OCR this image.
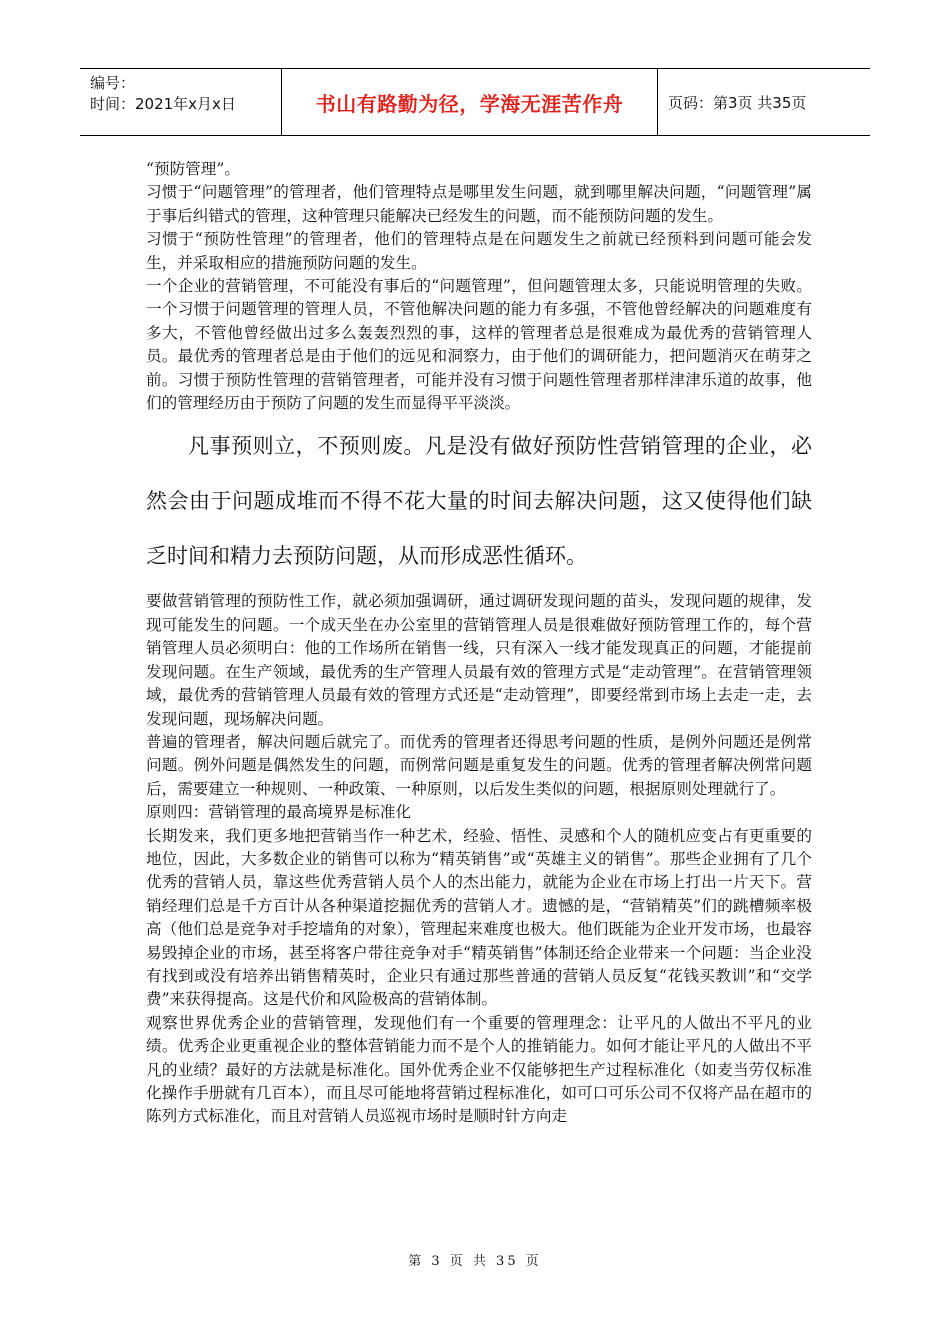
编号：
时间：2021年x月x日	书山有路勤为径，学海无涯苦作舟	页码：第3页 共35页

“预防管理”。

习惯于“问题管理”的管理者，他们管理特点是哪里发生问题，就到哪里解决问题，“问题管理”属于事后纠错式的管理，这种管理只能解决已经发生的问题，而不能预防问题的发生。

习惯于“预防性管理”的管理者，他们的管理特点是在问题发生之前就已经预料到问题可能会发生，并采取相应的措施预防问题的发生。

一个企业的营销管理，不可能没有事后的“问题管理”，但问题管理太多，只能说明管理的失败。一个习惯于问题管理的管理人员，不管他解决问题的能力有多强，不管他曾经解决的问题难度有多大，不管他曾经做出过多么轰轰烈烈的事，这样的管理者总是很难成为最优秀的营销管理人员。最优秀的管理者总是由于他们的远见和洞察力，由于他们的调研能力，把问题消灭在萌芽之前。习惯于预防性管理的营销管理者，可能并没有习惯于问题性管理者那样津津乐道的故事，他们的管理经历由于预防了问题的发生而显得平平淡淡。

凡事预则立，不预则废。凡是没有做好预防性营销管理的企业，必然会由于问题成堆而不得不花大量的时间去解决问题，这又使得他们缺乏时间和精力去预防问题，从而形成恶性循环。

要做营销管理的预防性工作，就必须加强调研，通过调研发现问题的苗头，发现问题的规律，发现可能发生的问题。一个成天坐在办公室里的营销管理人员是很难做好预防管理工作的，每个营销管理人员必须明白：他的工作场所在销售一线，只有深入一线才能发现真正的问题，才能提前发现问题。在生产领域，最优秀的生产管理人员最有效的管理方式是“走动管理”。在营销管理领域，最优秀的营销管理人员最有效的管理方式还是“走动管理”，即要经常到市场上去走一走，去发现问题，现场解决问题。

普遍的管理者，解决问题后就完了。而优秀的管理者还得思考问题的性质，是例外问题还是例常问题。例外问题是偶然发生的问题，而例常问题是重复发生的问题。优秀的管理者解决例常问题后，需要建立一种规则、一种政策、一种原则，以后发生类似的问题，根据原则处理就行了。

原则四：营销管理的最高境界是标准化

长期发来，我们更多地把营销当作一种艺术，经验、悟性、灵感和个人的随机应变占有更重要的地位，因此，大多数企业的销售可以称为“精英销售”或“英雄主义的销售”。那些企业拥有了几个优秀的营销人员，靠这些优秀营销人员个人的杰出能力，就能为企业在市场上打出一片天下。营销经理们总是千方百计从各种渠道挖掘优秀的营销人才。遗憾的是，“营销精英”们的跳槽频率极高（他们总是竞争对手挖墙角的对象），管理起来难度也极大。他们既能为企业开发市场，也最容易毁掉企业的市场，甚至将客户带往竞争对手“精英销售”体制还给企业带来一个问题：当企业没有找到或没有培养出销售精英时，企业只有通过那些普通的营销人员反复“花钱买教训”和“交学费”来获得提高。这是代价和风险极高的营销体制。

观察世界优秀企业的营销管理，发现他们有一个重要的管理理念：让平凡的人做出不平凡的业绩。优秀企业更重视企业的整体营销能力而不是个人的推销能力。如何才能让平凡的人做出不平凡的业绩？最好的方法就是标准化。国外优秀企业不仅能够把生产过程标准化（如麦当劳仅标准化操作手册就有几百本），而且尽可能地将营销过程标准化，如可口可乐公司不仅将产品在超市的陈列方式标准化，而且对营销人员巡视市场时是顺时针方向走

第 3 页 共 35 页
